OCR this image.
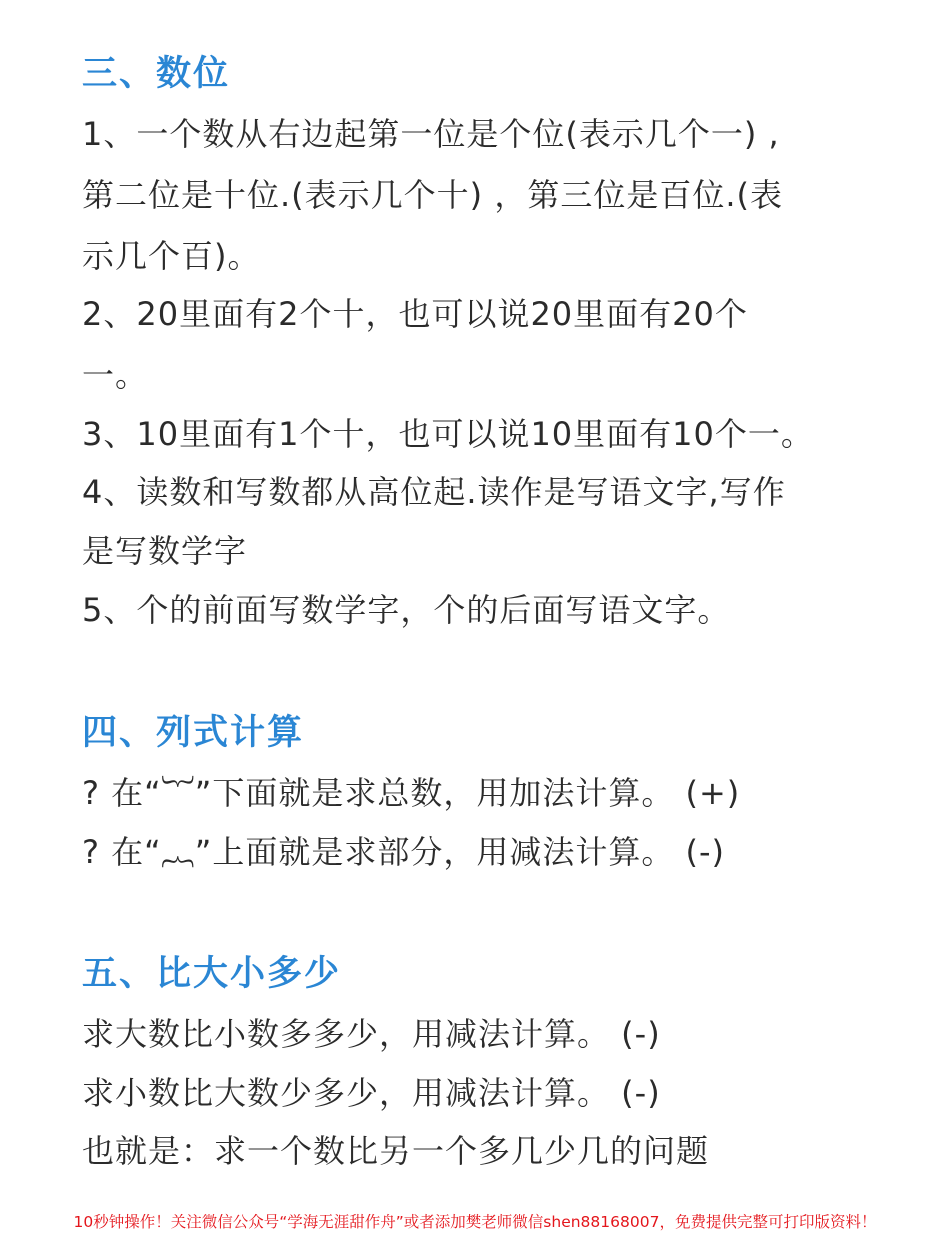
三、数位

1、一个数从右边起第一位是个位(表示几个一) ,

第二位是十位.(表示几个十) ，第三位是百位.(表

示几个百)。

2、20里面有2个十，也可以说20里面有20个

一。

3、10里面有1个十，也可以说10里面有10个一。

4、读数和写数都从高位起.读作是写语文字,写作

是写数学字

5、个的前面写数学字，个的后面写语文字。

四、列式计算

? 在“︸”下面就是求总数，用加法计算。 (+)

? 在“︷”上面就是求部分，用减法计算。 (-)

五、比大小多少

求大数比小数多多少，用减法计算。 (-)

求小数比大数少多少，用减法计算。 (-)

也就是：求一个数比另一个多几少几的问题

10秒钟操作！关注微信公众号“学海无涯甜作舟”或者添加樊老师微信shen88168007，免费提供完整可打印版资料！
